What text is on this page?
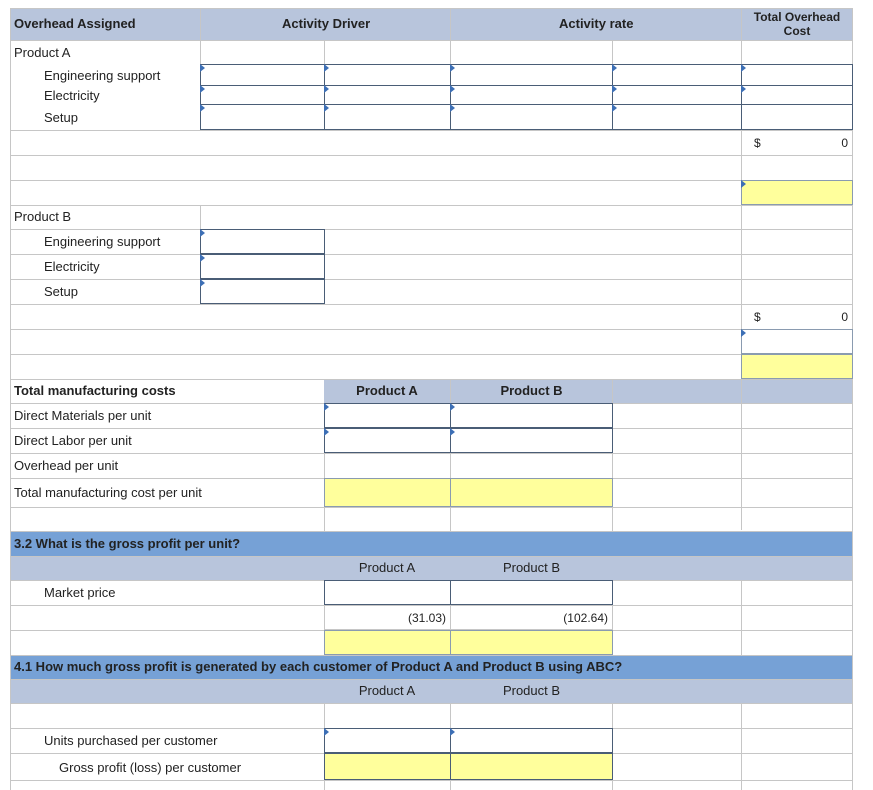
Overhead Assigned	Activity Driver	Activity rate	Total Overhead
Cost
Product A
Engineering support
Electricity
Setup
$	0
Product B
Engineering support
Electricity
Setup
$	0
Total manufacturing costs	Product A	Product B
Direct Materials per unit
Direct Labor per unit
Overhead per unit
Total manufacturing cost per unit
3.2 What is the gross profit per unit?
Product A	Product B
Market price
(31.03)	(102.64)
4.1 How much gross profit is generated by each customer of Product A and Product B using ABC?
Product A	Product B
Units purchased per customer
Gross profit (loss) per customer
